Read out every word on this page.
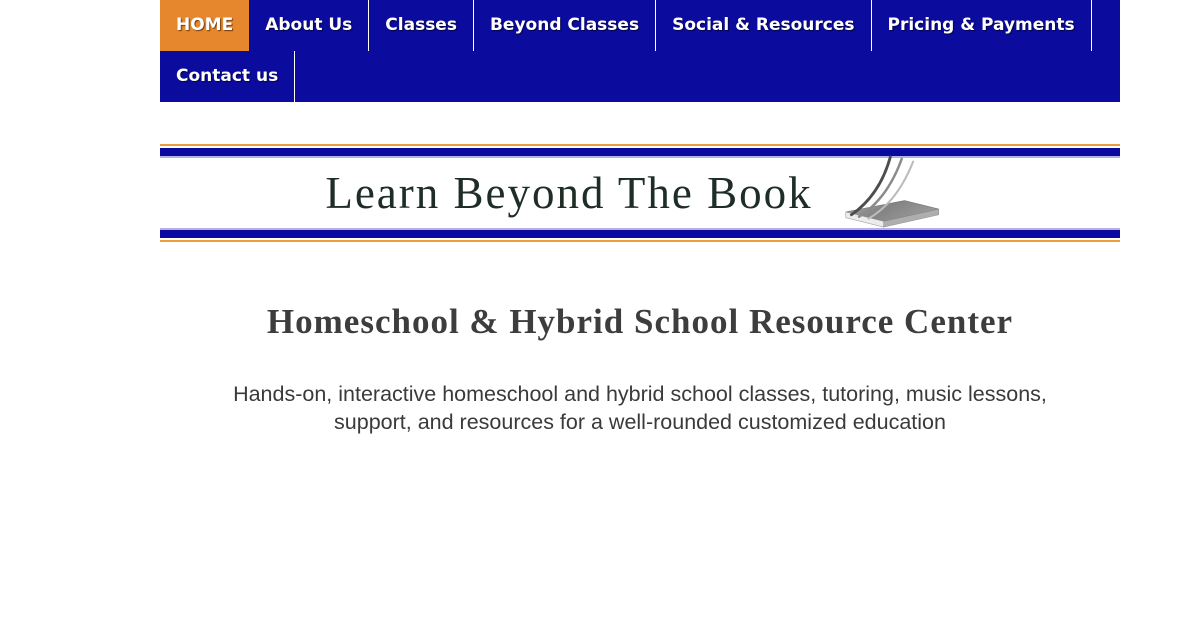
HOME	About Us	Classes	Beyond Classes	Social & Resources	Pricing & Payments
Contact us
Learn Beyond The Book
Homeschool & Hybrid School Resource Center
Hands-on, interactive homeschool and hybrid school classes, tutoring, music lessons,
support, and resources for a well-rounded customized education
